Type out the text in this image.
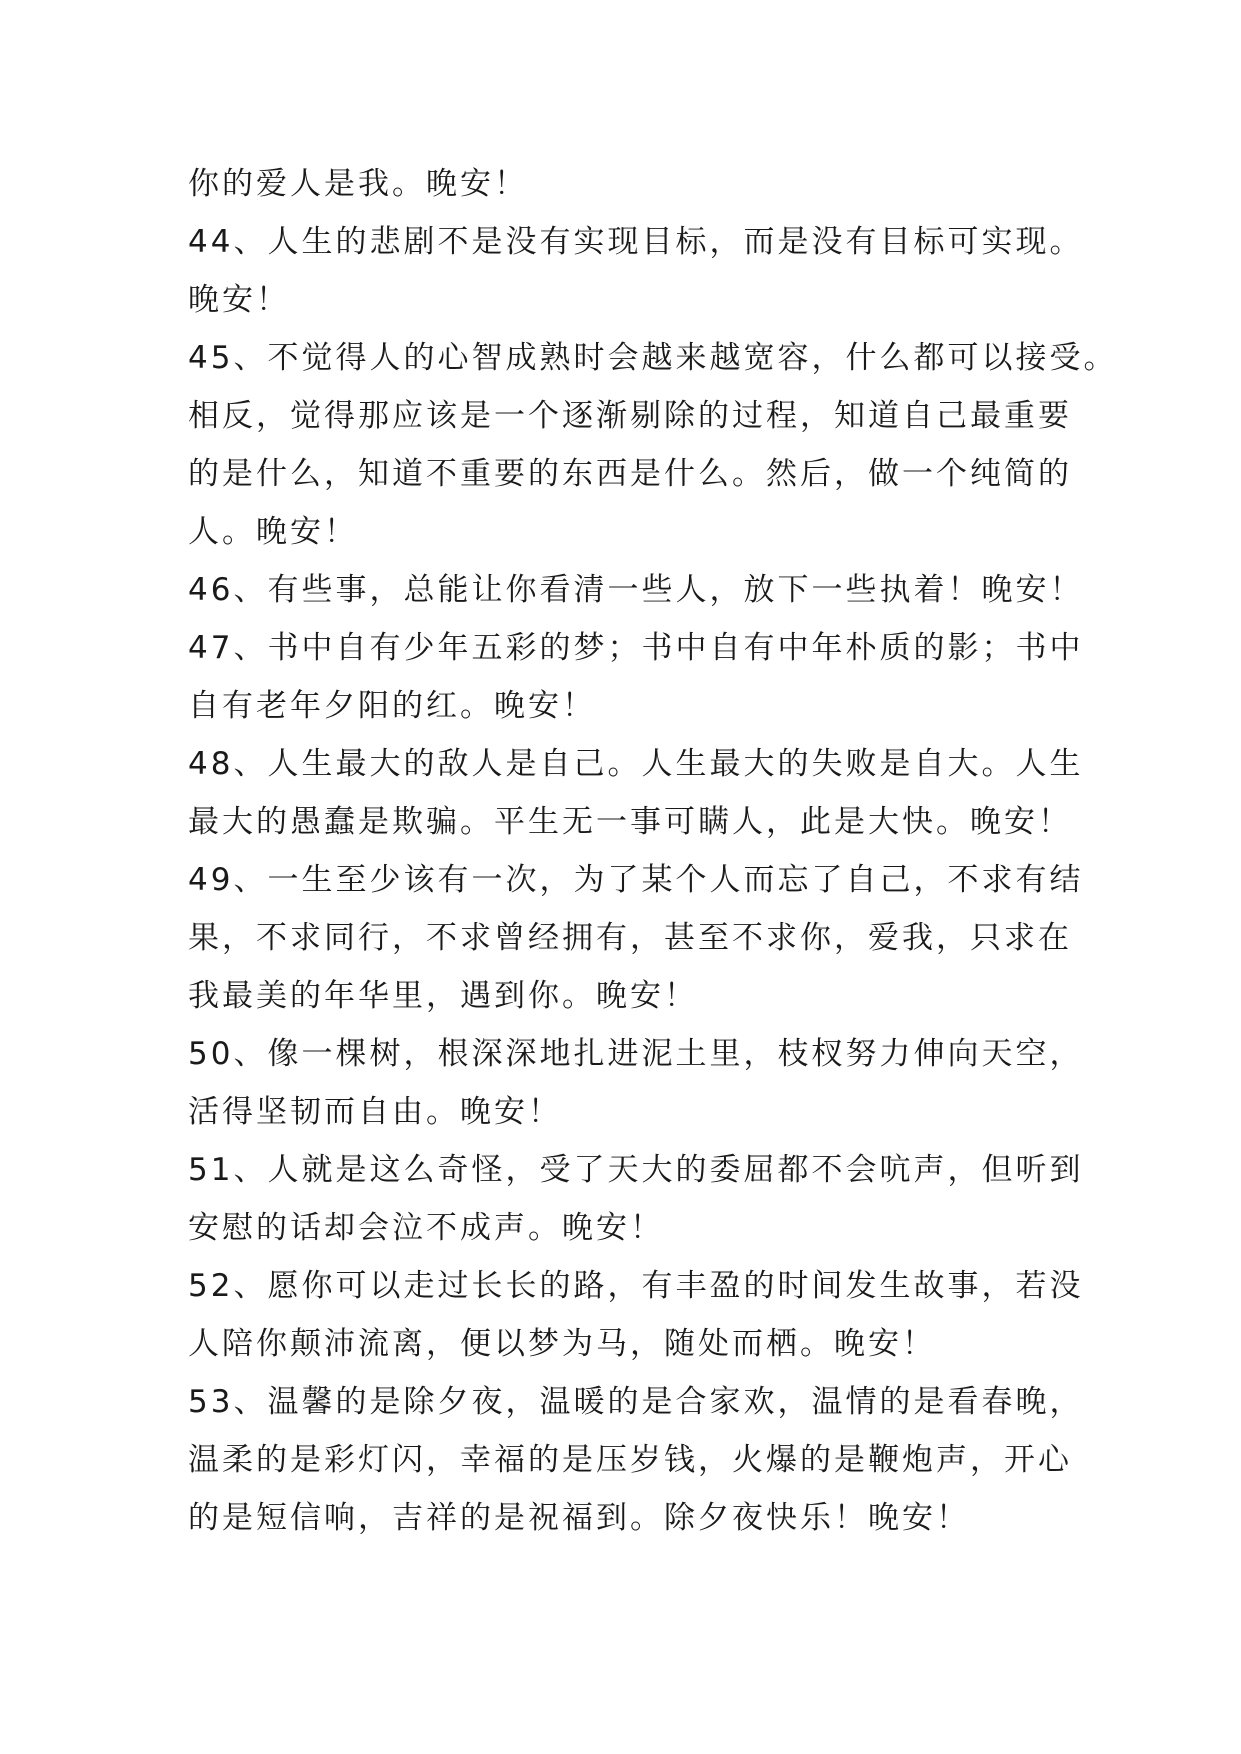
你的爱人是我。晚安！
44、人生的悲剧不是没有实现目标，而是没有目标可实现。
晚安！
45、不觉得人的心智成熟时会越来越宽容，什么都可以接受。
相反，觉得那应该是一个逐渐剔除的过程，知道自己最重要
的是什么，知道不重要的东西是什么。然后，做一个纯简的
人。晚安！
46、有些事，总能让你看清一些人，放下一些执着！晚安！
47、书中自有少年五彩的梦；书中自有中年朴质的影；书中
自有老年夕阳的红。晚安！
48、人生最大的敌人是自己。人生最大的失败是自大。人生
最大的愚蠢是欺骗。平生无一事可瞒人，此是大快。晚安！
49、一生至少该有一次，为了某个人而忘了自己，不求有结
果，不求同行，不求曾经拥有，甚至不求你，爱我，只求在
我最美的年华里，遇到你。晚安！
50、像一棵树，根深深地扎进泥土里，枝杈努力伸向天空，
活得坚韧而自由。晚安！
51、人就是这么奇怪，受了天大的委屈都不会吭声，但听到
安慰的话却会泣不成声。晚安！
52、愿你可以走过长长的路，有丰盈的时间发生故事，若没
人陪你颠沛流离，便以梦为马，随处而栖。晚安！
53、温馨的是除夕夜，温暖的是合家欢，温情的是看春晚，
温柔的是彩灯闪，幸福的是压岁钱，火爆的是鞭炮声，开心
的是短信响，吉祥的是祝福到。除夕夜快乐！晚安！
